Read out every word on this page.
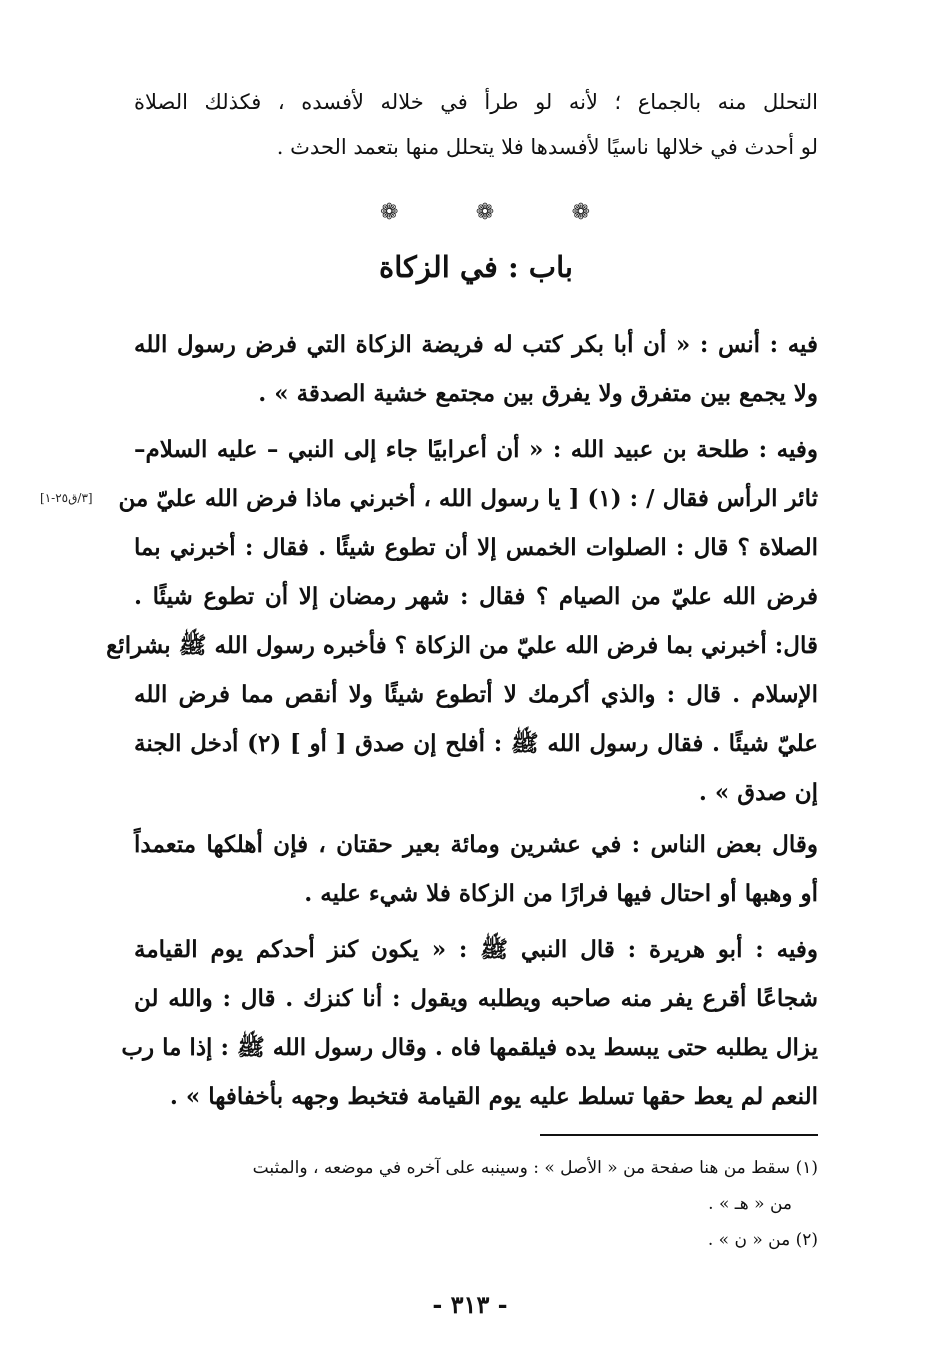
التحلل منه بالجماع ؛ لأنه لو طرأ في خلاله لأفسده ، فكذلك الصلاة

لو أحدث في خلالها ناسيًا لأفسدها فلا يتحلل منها بتعمد الحدث .

❁
❁
❁
باب : في الزكاة

فيه : أنس : « أن أبا بكر كتب له فريضة الزكاة التي فرض رسول الله

ولا يجمع بين متفرق ولا يفرق بين مجتمع خشية الصدقة » .

وفيه : طلحة بن عبيد الله : « أن أعرابيًا جاء إلى النبي – عليه السلام–

ثائر الرأس فقال / : (١) [ يا رسول الله ، أخبرني ماذا فرض الله عليّ من

الصلاة ؟ قال : الصلوات الخمس إلا أن تطوع شيئًا . فقال : أخبرني بما

فرض الله عليّ من الصيام ؟ فقال : شهر رمضان إلا أن تطوع شيئًا .

قال: أخبرني بما فرض الله عليّ من الزكاة ؟ فأخبره رسول الله ﷺ بشرائع

الإسلام . قال : والذي أكرمك لا أتطوع شيئًا ولا أنقص مما فرض الله

عليّ شيئًا . فقال رسول الله ﷺ : أفلح إن صدق [ أو ] (٢) أدخل الجنة

إن صدق » .

[٣/ق٢٥-١]

وقال بعض الناس : في عشرين ومائة بعير حقتان ، فإن أهلكها متعمداً

أو وهبها أو احتال فيها فرارًا من الزكاة فلا شيء عليه .

وفيه : أبو هريرة : قال النبي ﷺ : « يكون كنز أحدكم يوم القيامة

شجاعًا أقرع يفر منه صاحبه ويطلبه ويقول : أنا كنزك . قال : والله لن

يزال يطلبه حتى يبسط يده فيلقمها فاه . وقال رسول الله ﷺ : إذا ما رب

النعم لم يعط حقها تسلط عليه يوم القيامة فتخبط وجهه بأخفافها » .

(١) سقط من هنا صفحة من « الأصل » : وسينبه على آخره في موضعه ، والمثبت
من « هـ » .
(٢) من « ن » .
- ٣١٣ -
